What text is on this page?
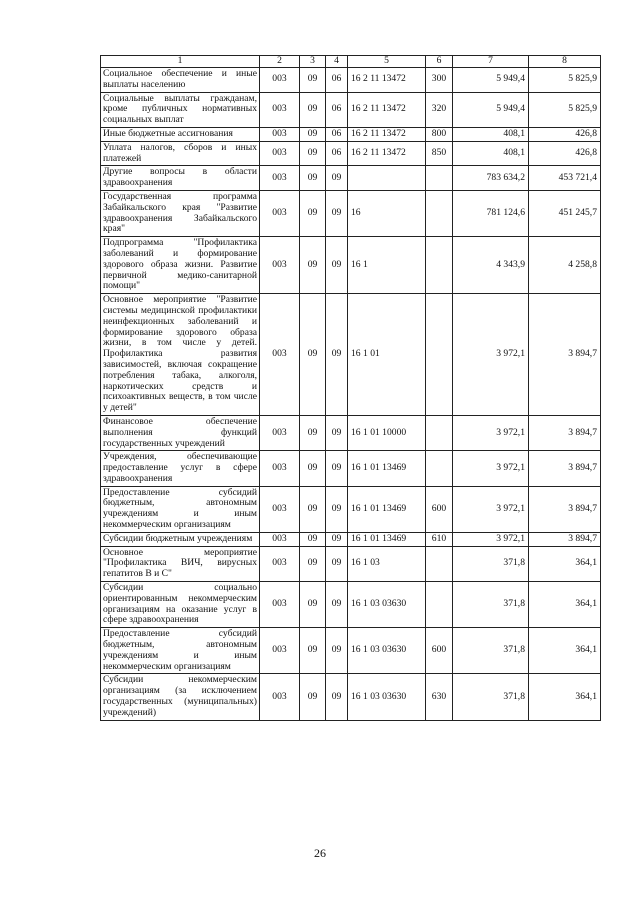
1	2	3	4	5	6	7	8
Социальное обеспечение и иные выплаты населению	003	09	06	16 2 11 13472	300	5 949,4	5 825,9
Социальные выплаты гражданам, кроме публичных нормативных социальных выплат	003	09	06	16 2 11 13472	320	5 949,4	5 825,9
Иные бюджетные ассигнования	003	09	06	16 2 11 13472	800	408,1	426,8
Уплата налогов, сборов и иных платежей	003	09	06	16 2 11 13472	850	408,1	426,8
Другие вопросы в области здравоохранения	003	09	09			783 634,2	453 721,4
Государственная программа Забайкальского края "Развитие здравоохранения Забайкальского края"	003	09	09	16		781 124,6	451 245,7
Подпрограмма "Профилактика заболеваний и формирование здорового образа жизни. Развитие первичной медико-санитарной помощи"	003	09	09	16 1		4 343,9	4 258,8
Основное мероприятие "Развитие системы медицинской профилактики неинфекционных заболеваний и формирование здорового образа жизни, в том числе у детей. Профилактика развития зависимостей, включая сокращение потребления табака, алкоголя, наркотических средств и психоактивных веществ, в том числе у детей"	003	09	09	16 1 01		3 972,1	3 894,7
Финансовое обеспечение выполнения функций государственных учреждений	003	09	09	16 1 01 10000		3 972,1	3 894,7
Учреждения, обеспечивающие предоставление услуг в сфере здравоохранения	003	09	09	16 1 01 13469		3 972,1	3 894,7
Предоставление субсидий бюджетным, автономным учреждениям и иным некоммерческим организациям	003	09	09	16 1 01 13469	600	3 972,1	3 894,7
Субсидии бюджетным учреждениям	003	09	09	16 1 01 13469	610	3 972,1	3 894,7
Основное мероприятие "Профилактика ВИЧ, вирусных гепатитов В и С"	003	09	09	16 1 03		371,8	364,1
Субсидии социально ориентированным некоммерческим организациям на оказание услуг в сфере здравоохранения	003	09	09	16 1 03 03630		371,8	364,1
Предоставление субсидий бюджетным, автономным учреждениям и иным некоммерческим организациям	003	09	09	16 1 03 03630	600	371,8	364,1
Субсидии некоммерческим организациям (за исключением государственных (муниципальных) учреждений)	003	09	09	16 1 03 03630	630	371,8	364,1
26
